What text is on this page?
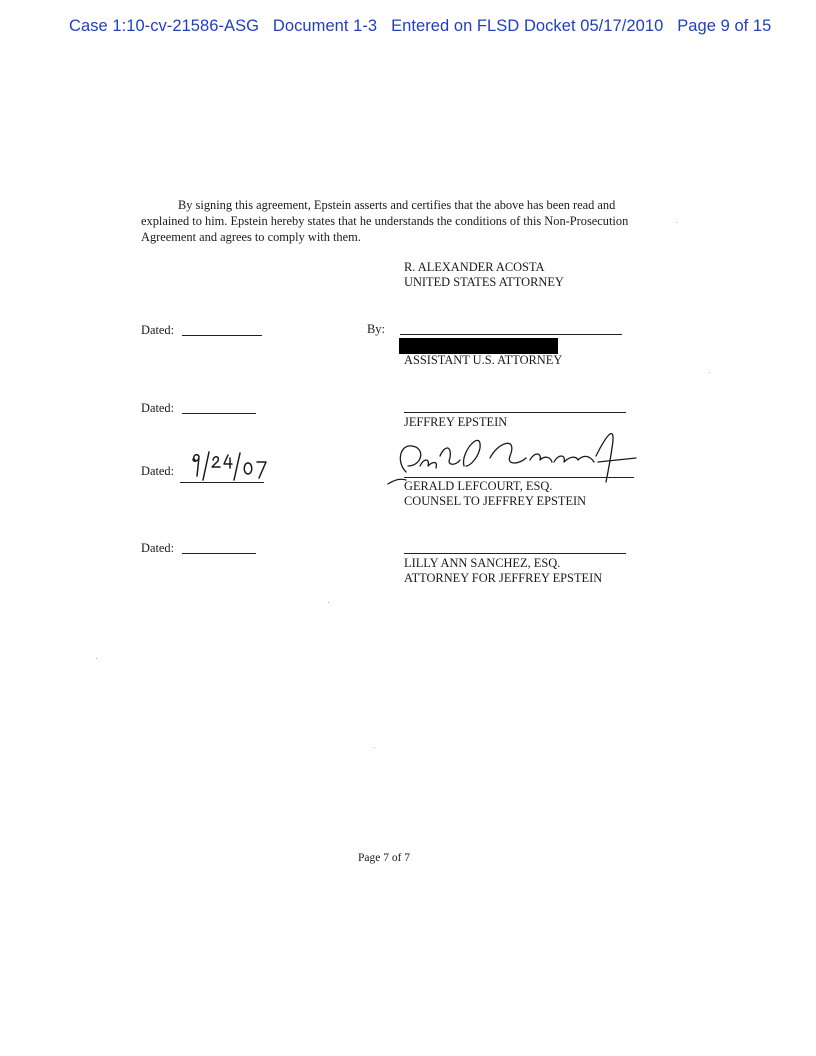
Case 1:10-cv-21586-ASG   Document 1-3   Entered on FLSD Docket 05/17/2010   Page 9 of 15
By signing this agreement, Epstein asserts and certifies that the above has been read and explained to him. Epstein hereby states that he understands the conditions of this Non-Prosecution Agreement and agrees to comply with them.
R. ALEXANDER ACOSTA
UNITED STATES ATTORNEY
Dated:	By:
ASSISTANT U.S. ATTORNEY
Dated:
JEFFREY EPSTEIN
Dated:
GERALD LEFCOURT, ESQ.
COUNSEL TO JEFFREY EPSTEIN
Dated:
LILLY ANN SANCHEZ, ESQ.
ATTORNEY FOR JEFFREY EPSTEIN
Page 7 of 7
